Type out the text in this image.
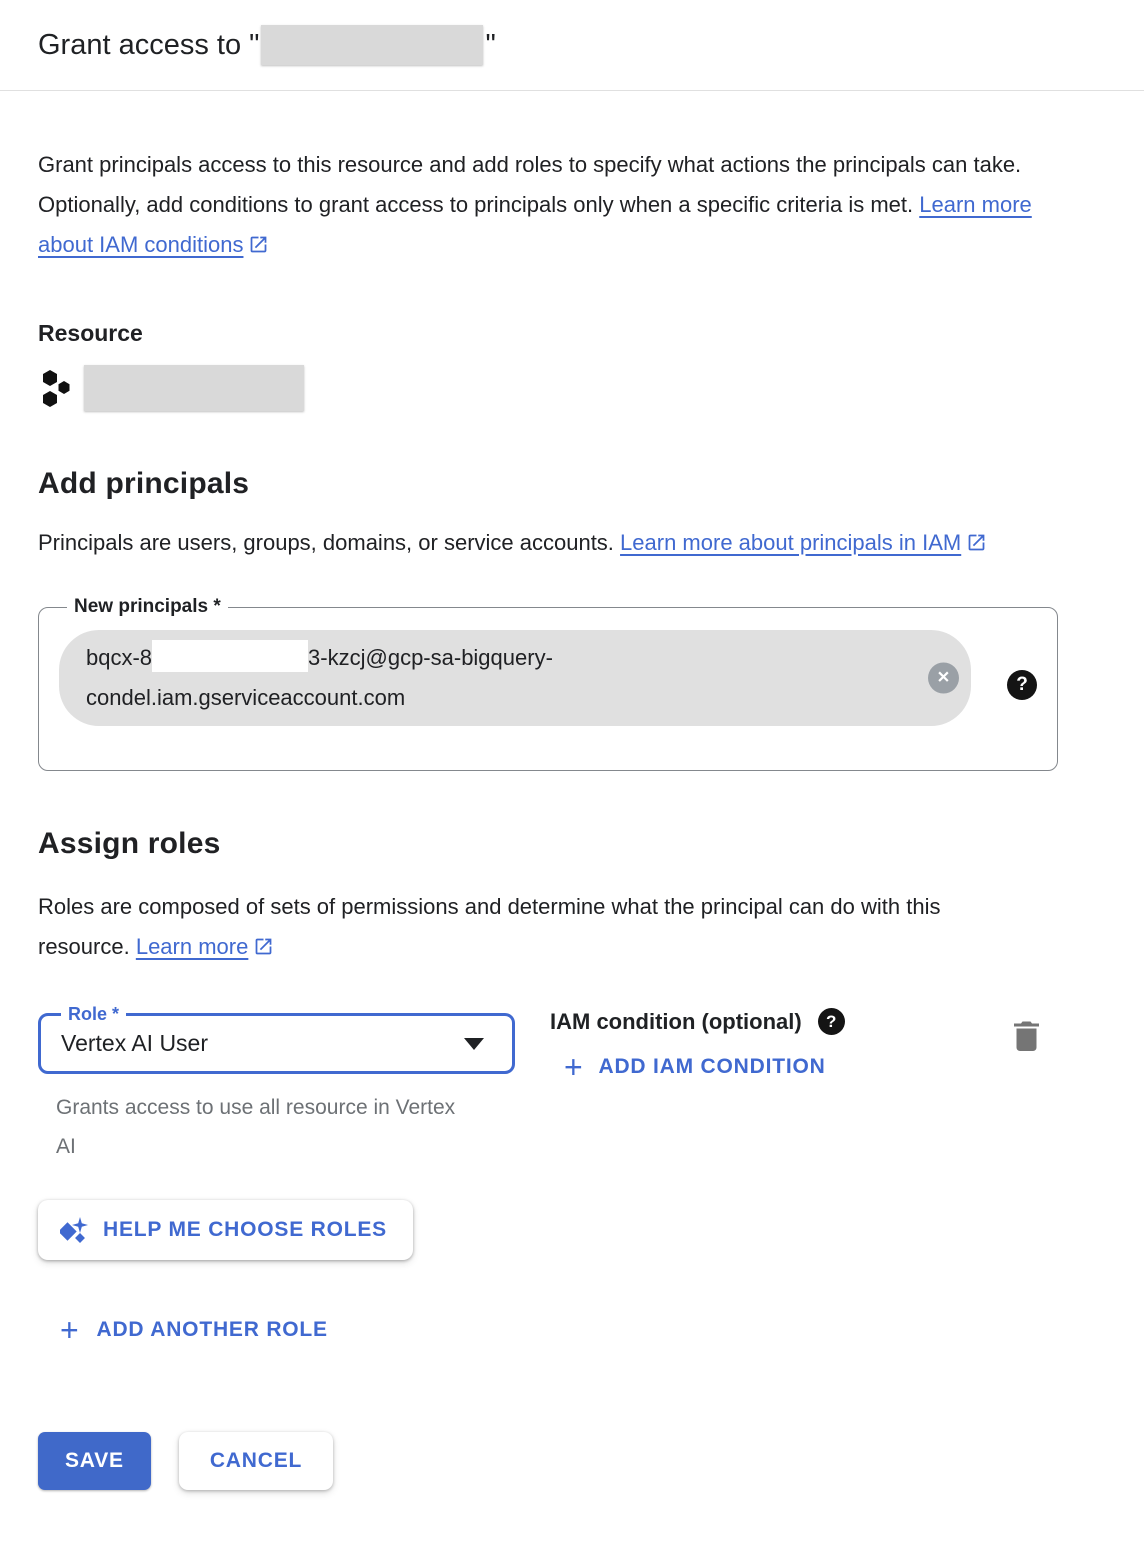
Grant access to "	"

Grant principals access to this resource and add roles to specify what actions the principals can take. Optionally, add conditions to grant access to principals only when a specific criteria is met. Learn more about IAM conditions

Resource
Add principals

Principals are users, groups, domains, or service accounts. Learn more about principals in IAM

New principals *
bqcx-8	3-kzcj@gcp-sa-bigquery-
condel.iam.gserviceaccount.com
✕	?
Assign roles

Roles are composed of sets of permissions and determine what the principal can do with this resource. Learn more

Role *
Vertex AI User
Grants access to use all resource in Vertex AI
IAM condition (optional)	?
+ ADD IAM CONDITION
HELP ME CHOOSE ROLES
+ ADD ANOTHER ROLE
SAVE	CANCEL
